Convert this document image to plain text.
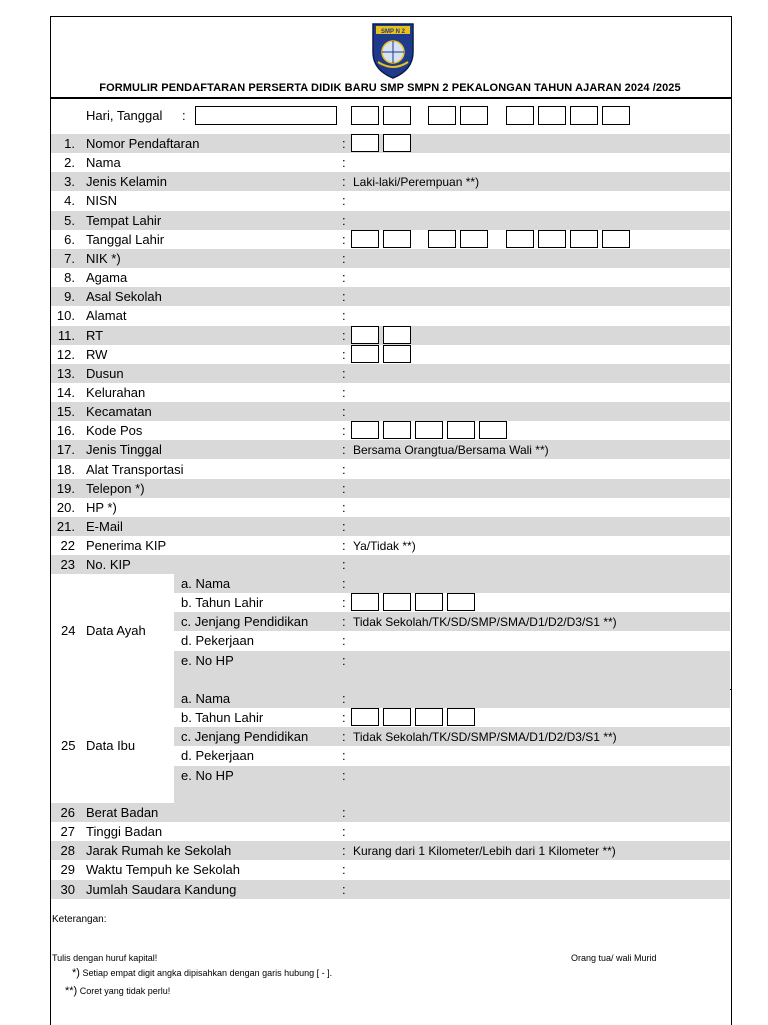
SMP N 2
FORMULIR PENDAFTARAN PERSERTA DIDIK BARU SMP SMPN 2 PEKALONGAN TAHUN AJARAN 2024 /2025
Hari, Tanggal :
Keterangan:
Tulis dengan huruf kapital!	Orang tua/ wali Murid
*) Setiap empat digit angka dipisahkan dengan garis hubung [ - ].
**) Coret yang tidak perlu!
1. Nomor Pendaftaran	:
2. Nama	:
3. Jenis Kelamin	: Laki-laki/Perempuan **)
4. NISN	:
5. Tempat Lahir	:
6. Tanggal Lahir	:
7. NIK *)	:
8. Agama	:
9. Asal Sekolah	:
10. Alamat	:
11. RT	:
12. RW	:
13. Dusun	:
14. Kelurahan	:
15. Kecamatan	:
16. Kode Pos	:
17. Jenis Tinggal	: Bersama Orangtua/Bersama Wali **)
18. Alat Transportasi	:
19. Telepon *)	:
20. HP *)	:
21. E-Mail	:
22 Penerima KIP	: Ya/Tidak **)
23 No. KIP	:
a. Nama	:
b. Tahun Lahir	:
c. Jenjang Pendidikan	: Tidak Sekolah/TK/SD/SMP/SMA/D1/D2/D3/S1 **)
d. Pekerjaan	:
e. No HP	:
24 Data Ayah
a. Nama	:
b. Tahun Lahir	:
c. Jenjang Pendidikan	: Tidak Sekolah/TK/SD/SMP/SMA/D1/D2/D3/S1 **)
d. Pekerjaan	:
e. No HP	:
25 Data Ibu
26 Berat Badan	:
27 Tinggi Badan	:
28 Jarak Rumah ke Sekolah	: Kurang dari 1 Kilometer/Lebih dari 1 Kilometer **)
29 Waktu Tempuh ke Sekolah	:
30 Jumlah Saudara Kandung	:
